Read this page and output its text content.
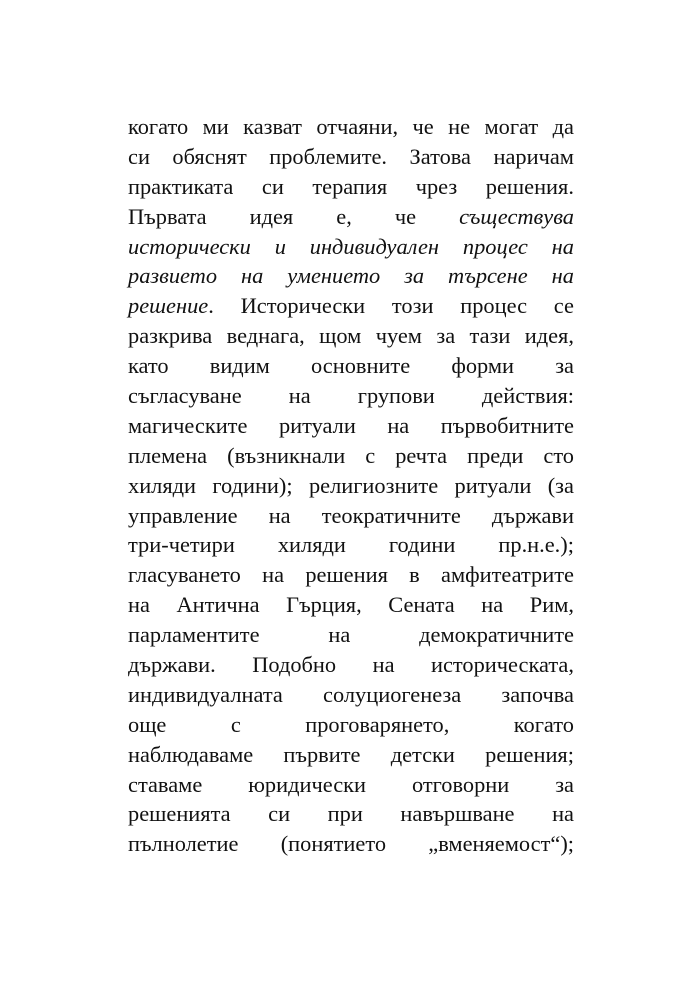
когато ми казват отчаяни, че не могат да
си обяснят проблемите. Затова наричам
практиката си терапия чрез решения.
Първата идея е, че съществува
исторически и индивидуален процес на
развието на умението за търсене на
решение. Исторически този процес се
разкрива веднага, щом чуем за тази идея,
като видим основните форми за
съгласуване на групови действия:
магическите ритуали на първобитните
племена (възникнали с речта преди сто
хиляди години); религиозните ритуали (за
управление на теократичните държави
три-четири хиляди години пр.н.е.);
гласуването на решения в амфитеатрите
на Антична Гърция, Сената на Рим,
парламентите	на	демократичните
държави. Подобно на историческата,
индивидуалната солуциогенеза започва
още	с	проговарянето,	когато
наблюдаваме първите детски решения;
ставаме юридически отговорни за
решенията си при навършване на
пълнолетие (понятието „вменяемост“);
